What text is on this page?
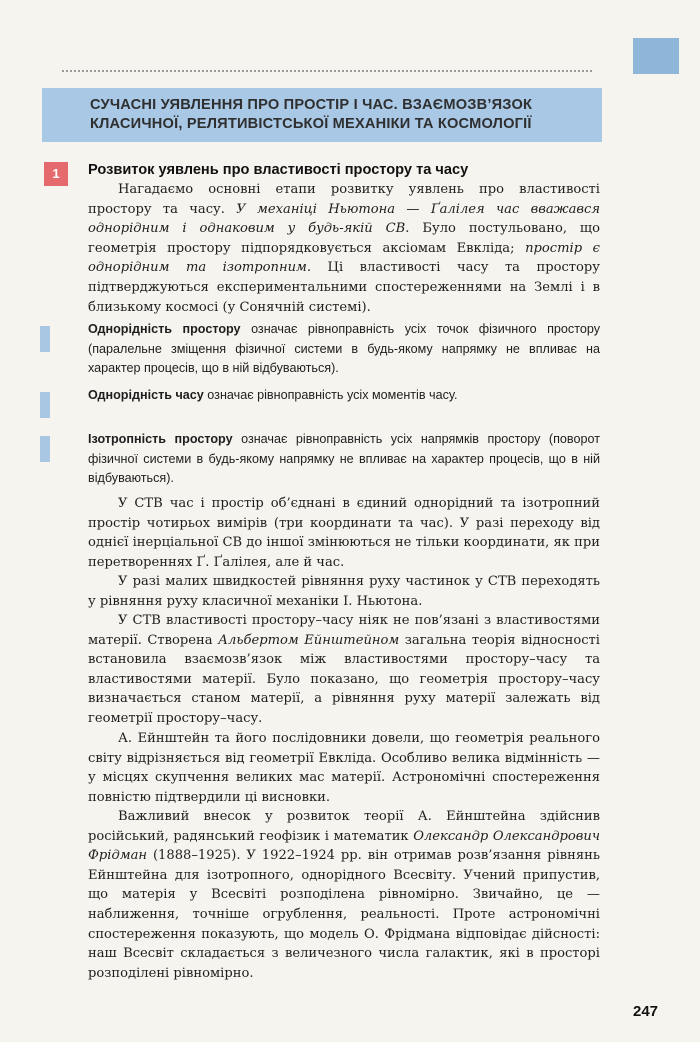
СУЧАСНІ УЯВЛЕННЯ ПРО ПРОСТІР І ЧАС. ВЗАЄМОЗВ’ЯЗОК
КЛАСИЧНОЇ, РЕЛЯТИВІСТСЬКОЇ МЕХАНІКИ ТА КОСМОЛОГІЇ
1	Розвиток уявлень про властивості простору та часу

Нагадаємо основні етапи розвитку уявлень про властивості простору та часу. У механіці Ньютона — Ґалілея час вважався однорідним і однаковим у будь-якій СВ. Було постульовано, що геометрія простору підпорядковується аксіомам Евкліда; простір є однорідним та ізотропним. Ці властивості часу та простору підтверджуються експериментальними спостереженнями на Землі і в близькому космосі (у Сонячній системі).

Однорідність простору означає рівноправність усіх точок фізичного простору (паралельне зміщення фізичної системи в будь-якому напрямку не впливає на характер процесів, що в ній відбуваються).

Однорідність часу означає рівноправність усіх моментів часу.

Ізотропність простору означає рівноправність усіх напрямків простору (поворот фізичної системи в будь-якому напрямку не впливає на характер процесів, що в ній відбуваються).

У СТВ час і простір об’єднані в єдиний однорідний та ізотропний простір чотирьох вимірів (три координати та час). У разі переходу від однієї інерціальної СВ до іншої змінюються не тільки координати, як при перетвореннях Ґ. Ґалілея, але й час.

У разі малих швидкостей рівняння руху частинок у СТВ переходять у рівняння руху класичної механіки І. Ньютона.

У СТВ властивості простору–часу ніяк не пов’язані з властивостями матерії. Створена Альбертом Ейнштейном загальна теорія відносності встановила взаємозв’язок між властивостями простору–часу та властивостями матерії. Було показано, що геометрія простору–часу визначається станом матерії, а рівняння руху матерії залежать від геометрії простору–часу.

А. Ейнштейн та його послідовники довели, що геометрія реального світу відрізняється від геометрії Евкліда. Особливо велика відмінність — у місцях скупчення великих мас матерії. Астрономічні спостереження повністю підтвердили ці висновки.

Важливий внесок у розвиток теорії А. Ейнштейна здійснив російський, радянський геофізик і математик Олександр Олександрович Фрідман (1888–1925). У 1922–1924 рр. він отримав розв’язання рівнянь Ейнштейна для ізотропного, однорідного Всесвіту. Учений припустив, що матерія у Всесвіті розподілена рівномірно. Звичайно, це — наближення, точніше огрублення, реальності. Проте астрономічні спостереження показують, що модель О. Фрідмана відповідає дійсності: наш Всесвіт складається з величезного числа галактик, які в просторі розподілені рівномірно.

247
